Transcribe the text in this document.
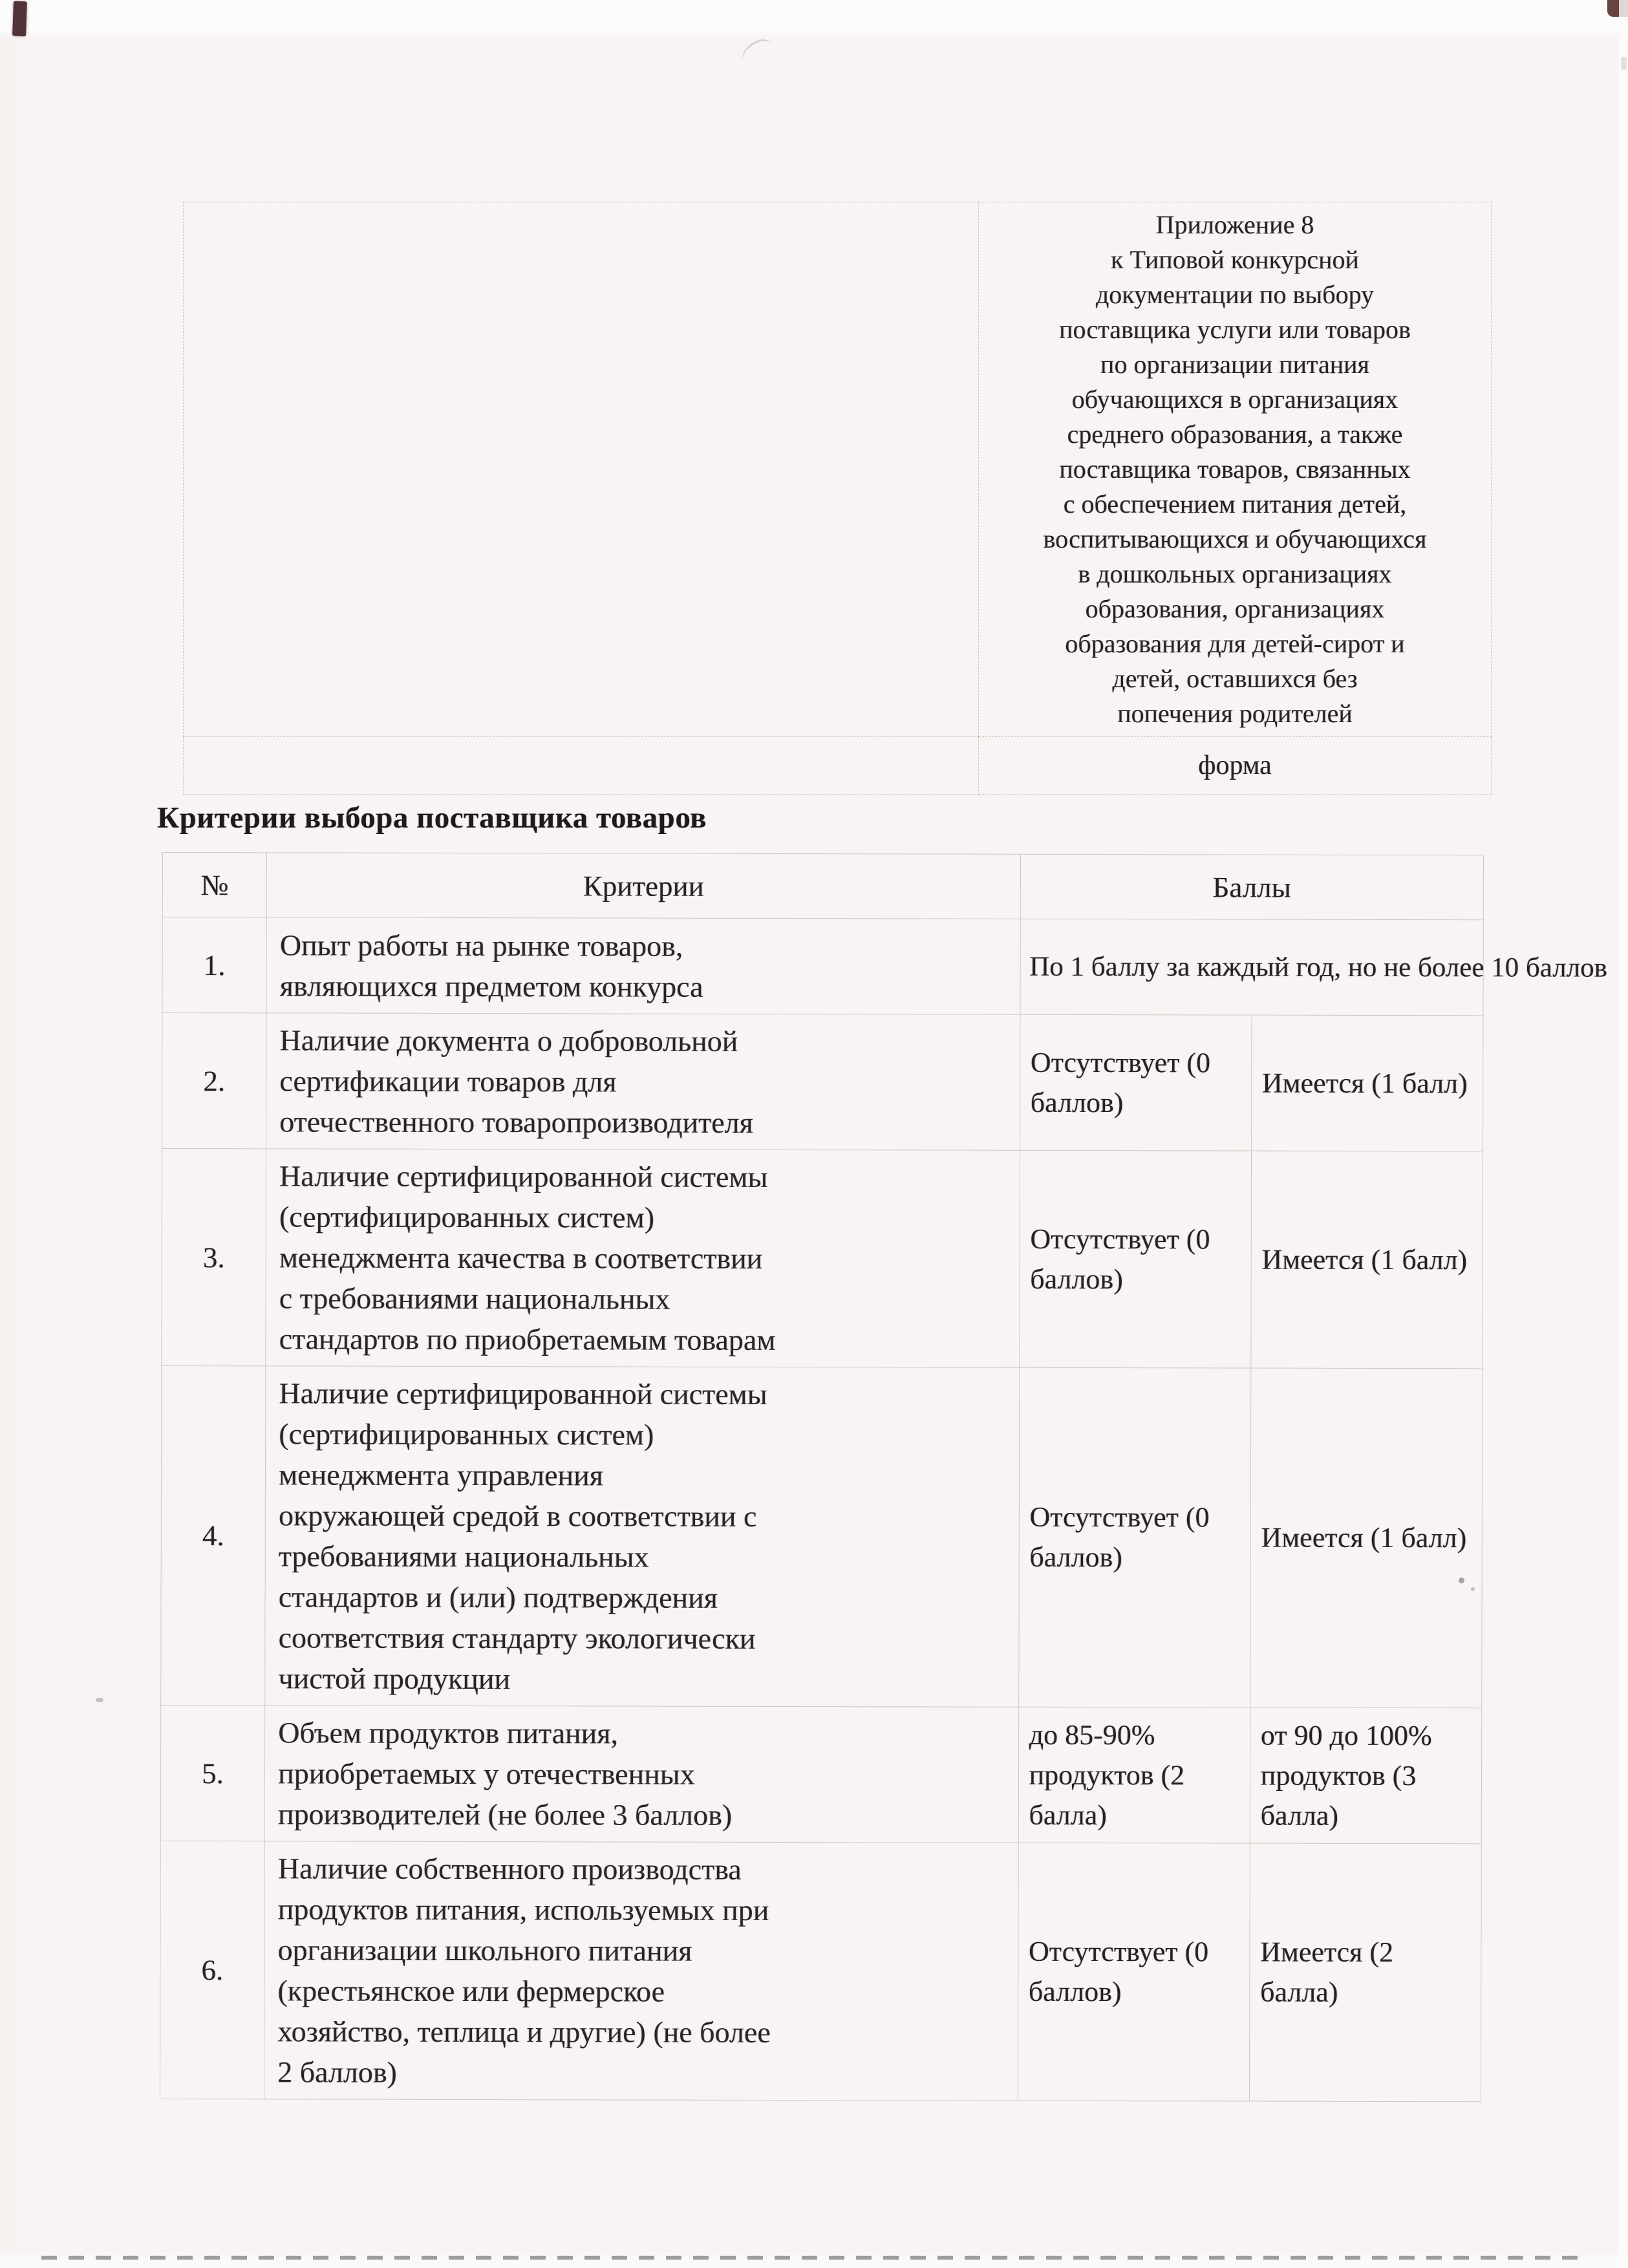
Приложение 8
к Типовой конкурсной
документации по выбору
поставщика услуги или товаров
по организации питания
обучающихся в организациях
среднего образования, а также
поставщика товаров, связанных
с обеспечением питания детей,
воспитывающихся и обучающихся
в дошкольных организациях
образования, организациях
образования для детей-сирот и
детей, оставшихся без
попечения родителей

	форма
Критерии выбора поставщика товаров
№	Критерии	Баллы	
1.	Опыт работы на рынке товаров,
являющихся предметом конкурса	По 1 баллу за каждый год, но не более 10 баллов	
2.	Наличие документа о добровольной
сертификации товаров для
отечественного товаропроизводителя	Отсутствует (0 баллов)	Имеется (1 балл)
3.	Наличие сертифицированной системы
(сертифицированных систем)
менеджмента качества в соответствии
с требованиями национальных
стандартов по приобретаемым товарам	Отсутствует (0 баллов)	Имеется (1 балл)
4.	
Наличие сертифицированной системы
(сертифицированных систем)
менеджмента управления
окружающей средой в соответствии с
требованиями национальных
стандартов и (или) подтверждения
соответствия стандарту экологически
чистой продукции
	Отсутствует (0 баллов)	Имеется (1 балл)
5.	Объем продуктов питания,
приобретаемых у отечественных
производителей (не более 3 баллов)	до 85-90% продуктов (2 балла)	от 90 до 100% продуктов (3 балла)
6.	
Наличие собственного производства
продуктов питания, используемых при
организации школьного питания
(крестьянское или фермерское
хозяйство, теплица и другие) (не более
2 баллов)
	Отсутствует (0 баллов)	Имеется (2 балла)
